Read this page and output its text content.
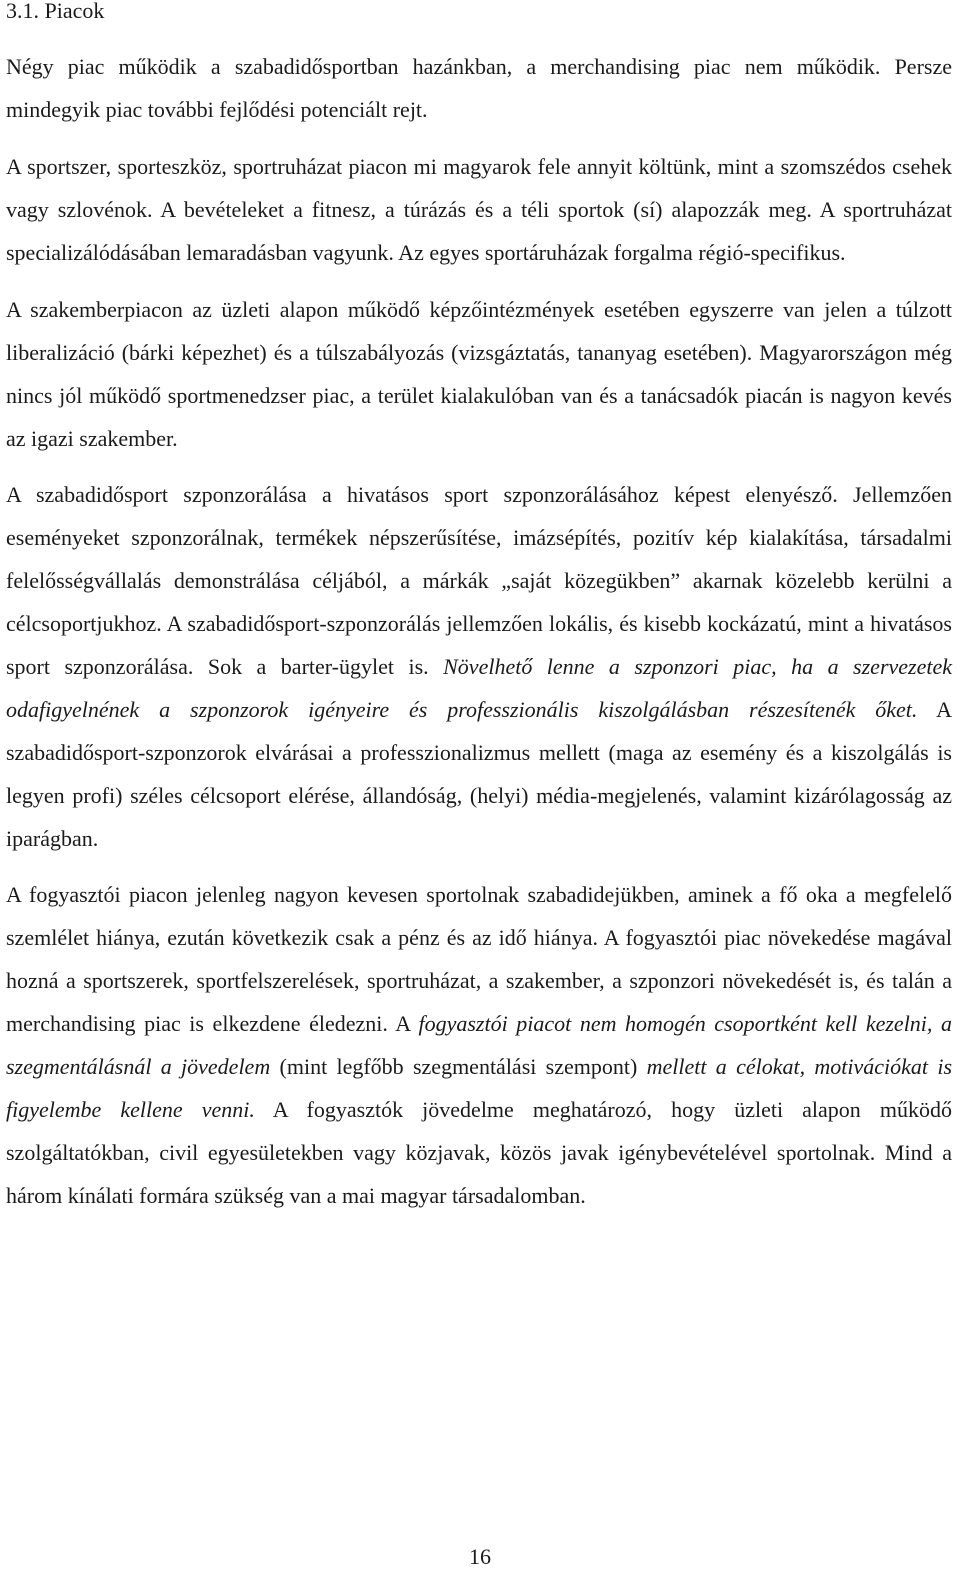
3.1. Piacok

Négy piac működik a szabadidősportban hazánkban, a merchandising piac nem működik. Persze mindegyik piac további fejlődési potenciált rejt.

A sportszer, sporteszköz, sportruházat piacon mi magyarok fele annyit költünk, mint a szomszédos csehek vagy szlovénok. A bevételeket a fitnesz, a túrázás és a téli sportok (sí) alapozzák meg. A sportruházat specializálódásában lemaradásban vagyunk. Az egyes sportáruházak forgalma régió-specifikus.

A szakemberpiacon az üzleti alapon működő képzőintézmények esetében egyszerre van jelen a túlzott liberalizáció (bárki képezhet) és a túlszabályozás (vizsgáztatás, tananyag esetében). Magyarországon még nincs jól működő sportmenedzser piac, a terület kialakulóban van és a tanácsadók piacán is nagyon kevés az igazi szakember.

A szabadidősport szponzorálása a hivatásos sport szponzorálásához képest elenyésző. Jellemzően eseményeket szponzorálnak, termékek népszerűsítése, imázsépítés, pozitív kép kialakítása, társadalmi felelősségvállalás demonstrálása céljából, a márkák „saját közegükben” akarnak közelebb kerülni a célcsoportjukhoz. A szabadidősport-szponzorálás jellemzően lokális, és kisebb kockázatú, mint a hivatásos sport szponzorálása. Sok a barter-ügylet is. Növelhető lenne a szponzori piac, ha a szervezetek odafigyelnének a szponzorok igényeire és professzionális kiszolgálásban részesítenék őket. A szabadidősport-szponzorok elvárásai a professzionalizmus mellett (maga az esemény és a kiszolgálás is legyen profi) széles célcsoport elérése, állandóság, (helyi) média-megjelenés, valamint kizárólagosság az iparágban.

A fogyasztói piacon jelenleg nagyon kevesen sportolnak szabadidejükben, aminek a fő oka a megfelelő szemlélet hiánya, ezután következik csak a pénz és az idő hiánya. A fogyasztói piac növekedése magával hozná a sportszerek, sportfelszerelések, sportruházat, a szakember, a szponzori növekedését is, és talán a merchandising piac is elkezdene éledezni. A fogyasztói piacot nem homogén csoportként kell kezelni, a szegmentálásnál a jövedelem (mint legfőbb szegmentálási szempont) mellett a célokat, motivációkat is figyelembe kellene venni. A fogyasztók jövedelme meghatározó, hogy üzleti alapon működő szolgáltatókban, civil egyesületekben vagy közjavak, közös javak igénybevételével sportolnak. Mind a három kínálati formára szükség van a mai magyar társadalomban.

16
